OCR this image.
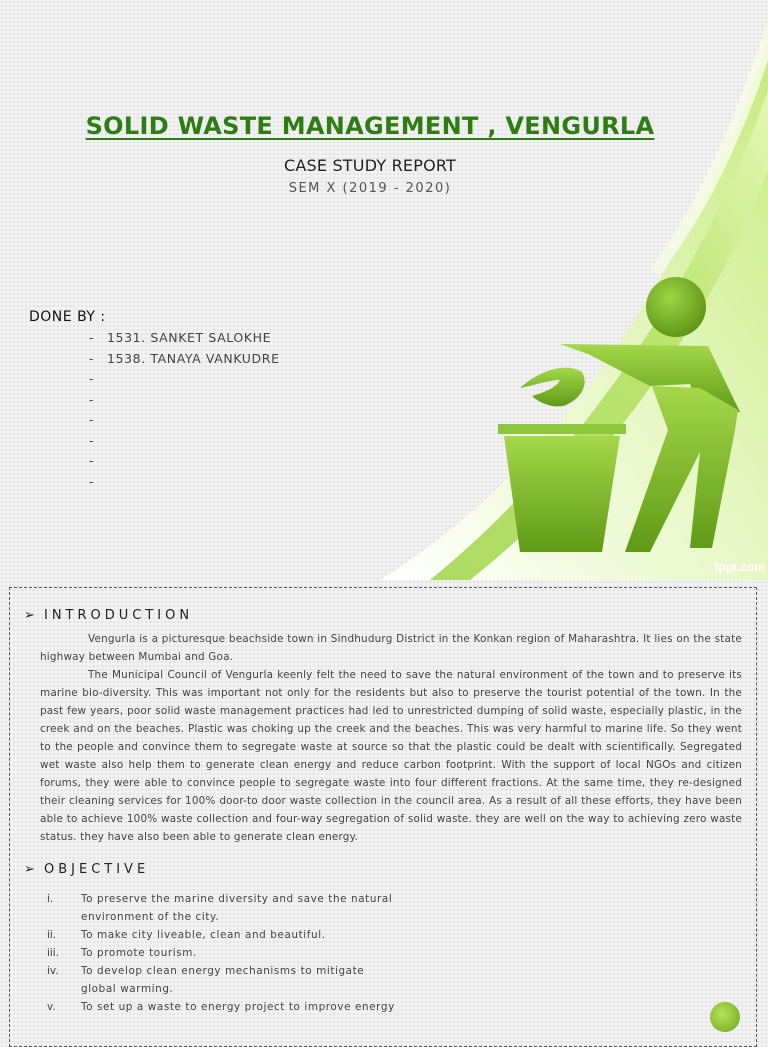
SOLID WASTE MANAGEMENT , VENGURLA
CASE STUDY REPORT
SEM X (2019 - 2020)
DONE BY :
- 1531. SANKET SALOKHE
- 1538. TANAYA VANKUDRE
-
-
-
-
-
-
fppt.com
➢ INTRODUCTION

Vengurla is a picturesque beachside town in Sindhudurg District in the Konkan region of Maharashtra. It lies on the state highway between Mumbai and Goa.

The Municipal Council of Vengurla keenly felt the need to save the natural environment of the town and to preserve its marine bio-diversity. This was important not only for the residents but also to preserve the tourist potential of the town. In the past few years, poor solid waste management practices had led to unrestricted dumping of solid waste, especially plastic, in the creek and on the beaches. Plastic was choking up the creek and the beaches. This was very harmful to marine life. So they went to the people and convince them to segregate waste at source so that the plastic could be dealt with scientifically. Segregated wet waste also help them to generate clean energy and reduce carbon footprint. With the support of local NGOs and citizen forums, they were able to convince people to segregate waste into four different fractions. At the same time, they re-designed their cleaning services for 100% door-to door waste collection in the council area. As a result of all these efforts, they have been able to achieve 100% waste collection and four-way segregation of solid waste. they are well on the way to achieving zero waste status. they have also been able to generate clean energy.

➢ OBJECTIVE
i.	To preserve the marine diversity and save the natural environment of the city.
ii. To make city liveable, clean and beautiful.
iii. To promote tourism.
iv. To develop clean energy mechanisms to mitigate global warming.
v. To set up a waste to energy project to improve energy
